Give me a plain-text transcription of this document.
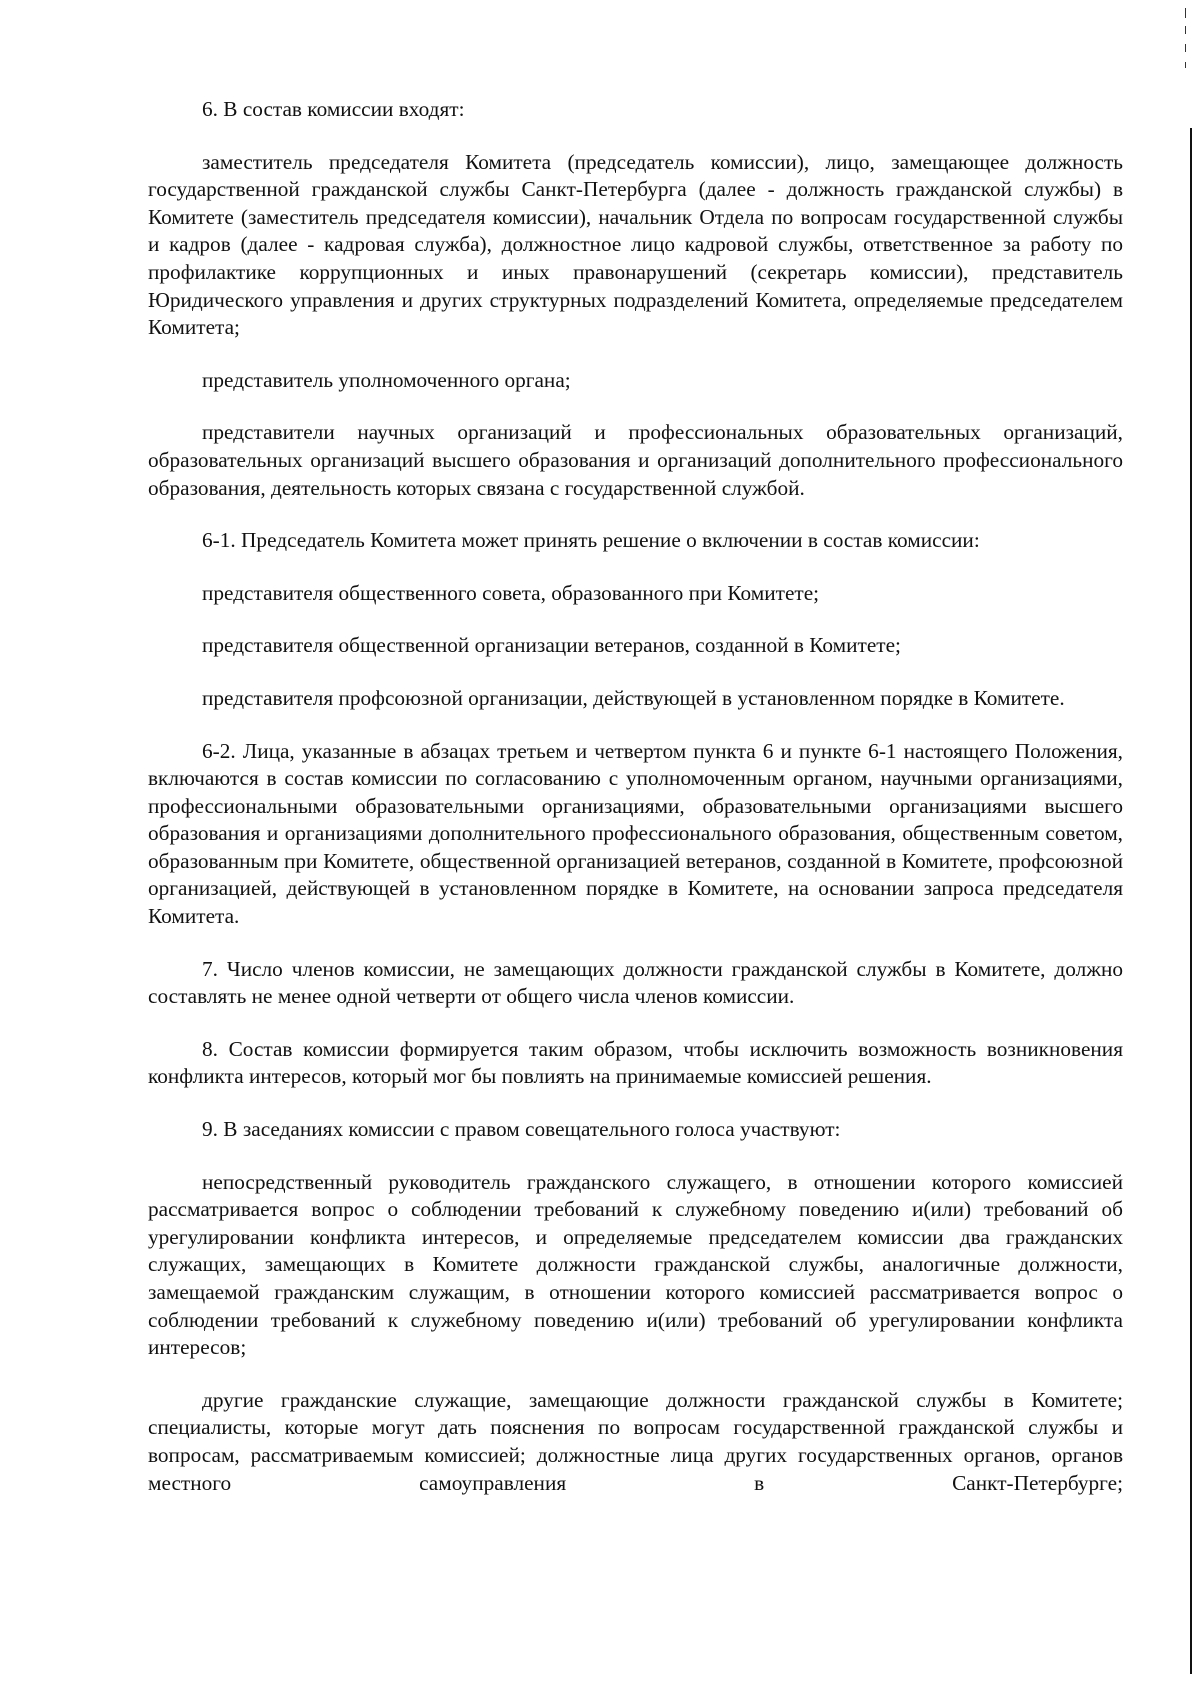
6. В состав комиссии входят:

заместитель председателя Комитета (председатель комиссии), лицо, замещающее должность государственной гражданской службы Санкт-Петербурга (далее - должность гражданской службы) в Комитете (заместитель председателя комиссии), начальник Отдела по вопросам государственной службы и кадров (далее - кадровая служба), должностное лицо кадровой службы, ответственное за работу по профилактике коррупционных и иных правонарушений (секретарь комиссии), представитель Юридического управления и других структурных подразделений Комитета, определяемые председателем Комитета;

представитель уполномоченного органа;

представители научных организаций и профессиональных образовательных организаций, образовательных организаций высшего образования и организаций дополнительного профессионального образования, деятельность которых связана с государственной службой.

6-1. Председатель Комитета может принять решение о включении в состав комиссии:

представителя общественного совета, образованного при Комитете;

представителя общественной организации ветеранов, созданной в Комитете;

представителя профсоюзной организации, действующей в установленном порядке в Комитете.

6-2. Лица, указанные в абзацах третьем и четвертом пункта 6 и пункте 6-1 настоящего Положения, включаются в состав комиссии по согласованию с уполномоченным органом, научными организациями, профессиональными образовательными организациями, образовательными организациями высшего образования и организациями дополнительного профессионального образования, общественным советом, образованным при Комитете, общественной организацией ветеранов, созданной в Комитете, профсоюзной организацией, действующей в установленном порядке в Комитете, на основании запроса председателя Комитета.

7. Число членов комиссии, не замещающих должности гражданской службы в Комитете, должно составлять не менее одной четверти от общего числа членов комиссии.

8. Состав комиссии формируется таким образом, чтобы исключить возможность возникновения конфликта интересов, который мог бы повлиять на принимаемые комиссией решения.

9. В заседаниях комиссии с правом совещательного голоса участвуют:

непосредственный руководитель гражданского служащего, в отношении которого комиссией рассматривается вопрос о соблюдении требований к служебному поведению и(или) требований об урегулировании конфликта интересов, и определяемые председателем комиссии два гражданских служащих, замещающих в Комитете должности гражданской службы, аналогичные должности, замещаемой гражданским служащим, в отношении которого комиссией рассматривается вопрос о соблюдении требований к служебному поведению и(или) требований об урегулировании конфликта интересов;

другие гражданские служащие, замещающие должности гражданской службы в Комитете; специалисты, которые могут дать пояснения по вопросам государственной гражданской службы и вопросам, рассматриваемым комиссией; должностные лица других государственных органов, органов местного самоуправления в Санкт-Петербурге;
